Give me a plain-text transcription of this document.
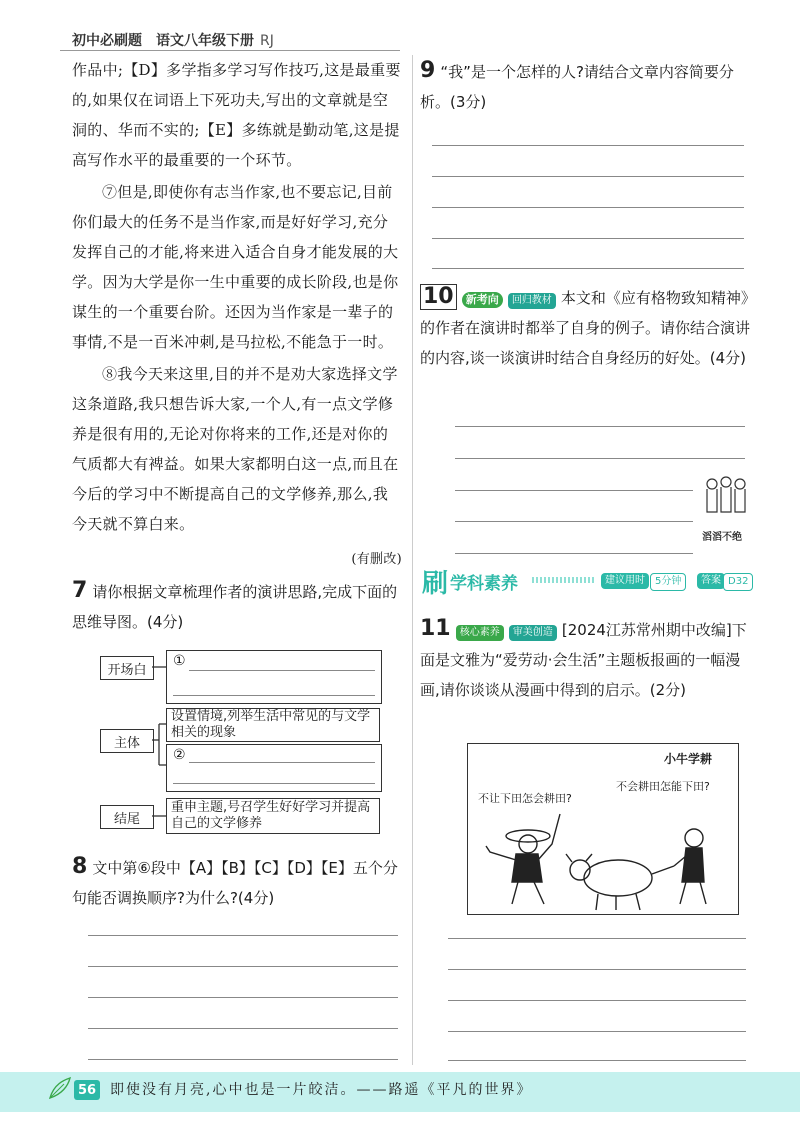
初中必刷题 语文八年级下册 RJ
作品中;【D】多学指多学习写作技巧,这是最重要的,如果仅在词语上下死功夫,写出的文章就是空洞的、华而不实的;【E】多练就是勤动笔,这是提高写作水平的最重要的一个环节。
⑦但是,即使你有志当作家,也不要忘记,目前你们最大的任务不是当作家,而是好好学习,充分发挥自己的才能,将来进入适合自身才能发展的大学。因为大学是你一生中重要的成长阶段,也是你谋生的一个重要台阶。还因为当作家是一辈子的事情,不是一百米冲刺,是马拉松,不能急于一时。
⑧我今天来这里,目的并不是劝大家选择文学这条道路,我只想告诉大家,一个人,有一点文学修养是很有用的,无论对你将来的工作,还是对你的气质都大有裨益。如果大家都明白这一点,而且在今后的学习中不断提高自己的文学修养,那么,我今天就不算白来。
(有删改)
7 请你根据文章梳理作者的演讲思路,完成下面的思维导图。(4分)
开场白
主体
结尾
①
设置情境,列举生活中常见的与文学相关的现象
②
重申主题,号召学生好好学习并提高自己的文学修养
8 文中第⑥段中【A】【B】【C】【D】【E】五个分句能否调换顺序?为什么?(4分)
9 “我”是一个怎样的人?请结合文章内容简要分析。(3分)
10 新考向 回归教材 本文和《应有格物致知精神》的作者在演讲时都举了自身的例子。请你结合演讲的内容,谈一谈演讲时结合自身经历的好处。(4分)
滔滔不绝
刷 学科素养	建议用时	5分钟	答案 D32
11 核心素养 审美创造 [2024江苏常州期中改编]下面是文雅为“爱劳动·会生活”主题板报画的一幅漫画,请你谈谈从漫画中得到的启示。(2分)
小牛学耕
不让下田怎会耕田?
不会耕田怎能下田?
56 即使没有月亮,心中也是一片皎洁。——路遥《平凡的世界》
